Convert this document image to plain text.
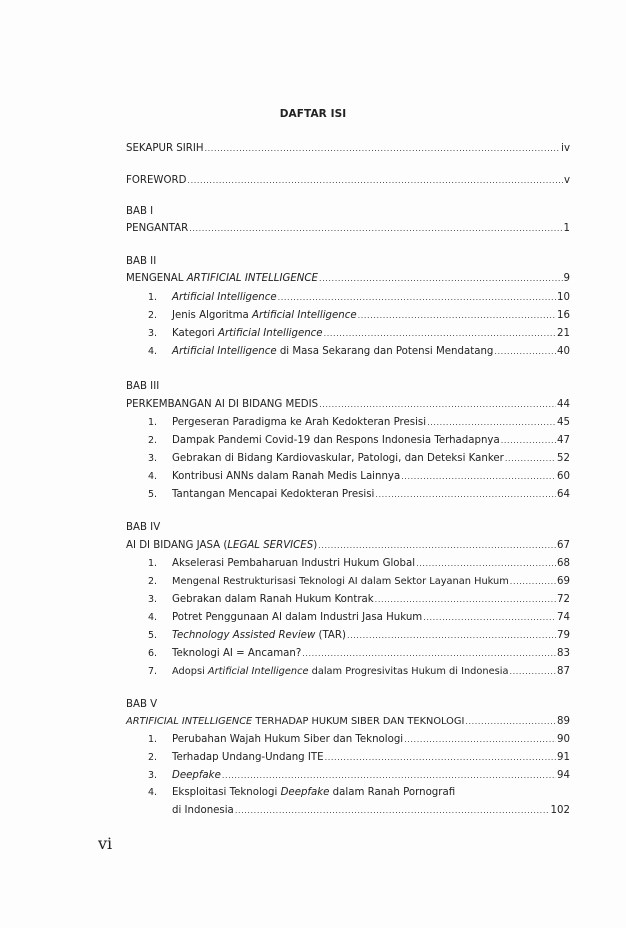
DAFTAR ISI
SEKAPUR SIRIH .....	iv
FOREWORD .....	v
BAB I
PENGANTAR .....	1
BAB II
MENGENAL ARTIFICIAL INTELLIGENCE .....	9
1.	Artificial Intelligence .....	10
2.	Jenis Algoritma Artificial Intelligence .....	16
3.	Kategori Artificial Intelligence .....	21
4.	Artificial Intelligence di Masa Sekarang dan Potensi Mendatang .....	40
BAB III
PERKEMBANGAN AI DI BIDANG MEDIS .....	44
1.	Pergeseran Paradigma ke Arah Kedokteran Presisi .....	45
2.	Dampak Pandemi Covid-19 dan Respons Indonesia Terhadapnya .....	47
3.	Gebrakan di Bidang Kardiovaskular, Patologi, dan Deteksi Kanker .....	52
4.	Kontribusi ANNs dalam Ranah Medis Lainnya .....	60
5.	Tantangan Mencapai Kedokteran Presisi .....	64
BAB IV
AI DI BIDANG JASA (LEGAL SERVICES) .....	67
1.	Akselerasi Pembaharuan Industri Hukum Global .....	68
2.	Mengenal Restrukturisasi Teknologi AI dalam Sektor Layanan Hukum .....	69
3.	Gebrakan dalam Ranah Hukum Kontrak .....	72
4.	Potret Penggunaan AI dalam Industri Jasa Hukum .....	74
5.	Technology Assisted Review (TAR) .....	79
6.	Teknologi AI = Ancaman? .....	83
7.	Adopsi Artificial Intelligence dalam Progresivitas Hukum di Indonesia .....	87
BAB V
ARTIFICIAL INTELLIGENCE TERHADAP HUKUM SIBER DAN TEKNOLOGI .....	89
1.	Perubahan Wajah Hukum Siber dan Teknologi .....	90
2.	Terhadap Undang-Undang ITE .....	91
3.	Deepfake .....	94
4.	Eksploitasi Teknologi Deepfake dalam Ranah Pornografi
di Indonesia .....	102
vi
